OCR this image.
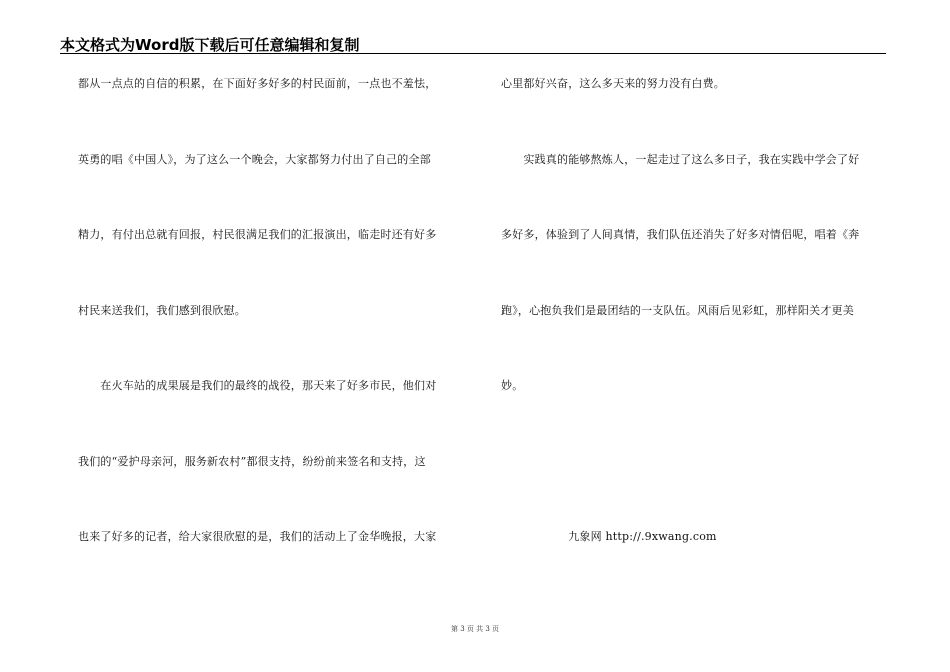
本文格式为Word版下载后可任意编辑和复制
都从一点点的自信的积累，在下面好多好多的村民面前，一点也不羞怯，
英勇的唱《中国人》，为了这么一个晚会，大家都努力付出了自己的全部
精力，有付出总就有回报，村民很满足我们的汇报演出，临走时还有好多
村民来送我们，我们感到很欣慰。
　　在火车站的成果展是我们的最终的战役，那天来了好多市民，他们对
我们的“爱护母亲河，服务新农村”都很支持，纷纷前来签名和支持，这
也来了好多的记者，给大家很欣慰的是，我们的活动上了金华晚报，大家
心里都好兴奋，这么多天来的努力没有白费。
　　实践真的能够熬炼人，一起走过了这么多日子，我在实践中学会了好
多好多，体验到了人间真情，我们队伍还消失了好多对情侣呢，唱着《奔
跑》，心抱负我们是最团结的一支队伍。风雨后见彩虹，那样阳关才更美
妙。
　　　　　　九象网 http://.9xwang.com
第 3 页 共 3 页
